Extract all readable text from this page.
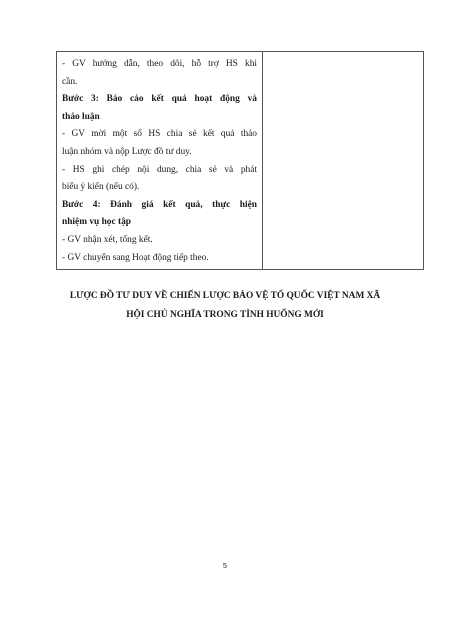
- GV hướng dẫn, theo dõi, hỗ trợ HS khi

cần.

Bước 3: Báo cáo kết quả hoạt động và

thảo luận

- GV mời một số HS chia sẻ kết quả thảo

luận nhóm và nộp Lược đồ tư duy.

- HS ghi chép nội dung, chia sẻ và phát

biểu ý kiến (nếu có).

Bước 4: Đánh giá kết quả, thực hiện

nhiệm vụ học tập

- GV nhận xét, tổng kết.

- GV chuyển sang Hoạt động tiếp theo.

LƯỢC ĐỒ TƯ DUY VỀ CHIẾN LƯỢC BẢO VỆ TỔ QUỐC VIỆT NAM XÃ
HỘI CHỦ NGHĨA TRONG TÌNH HUỐNG MỚI

5
